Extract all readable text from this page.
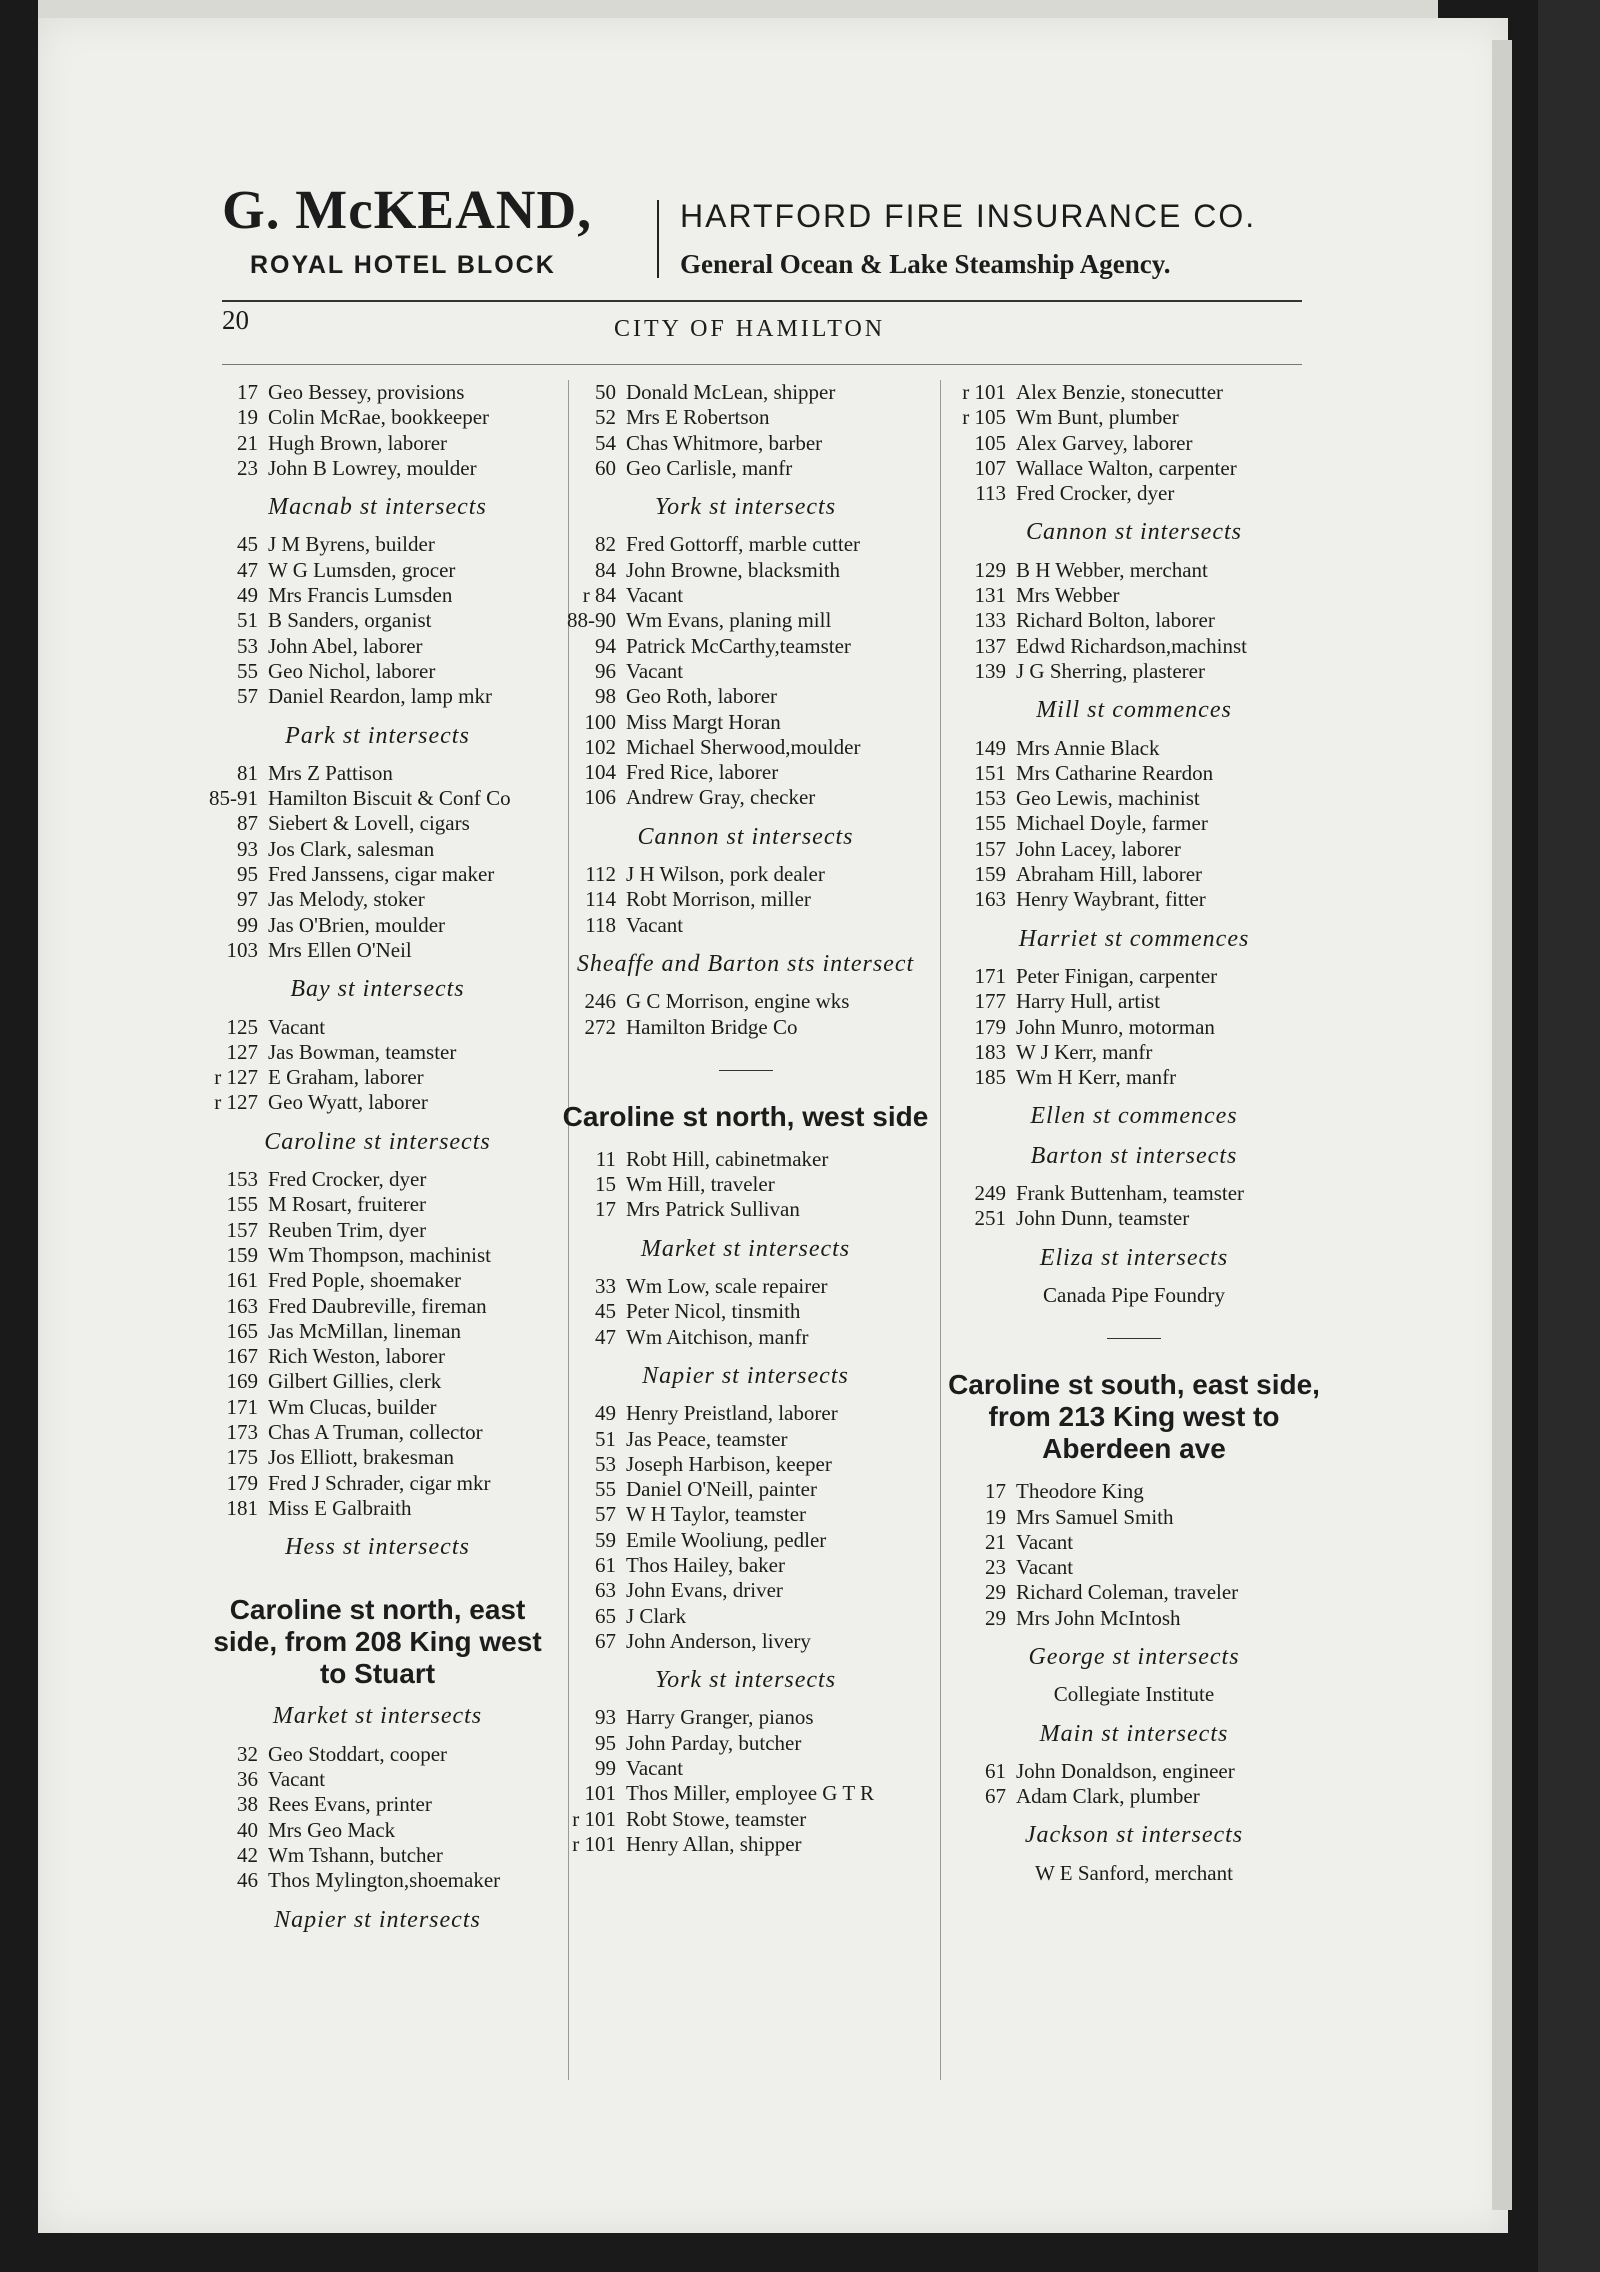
G. McKEAND,
ROYAL HOTEL BLOCK
HARTFORD FIRE INSURANCE CO.
General Ocean & Lake Steamship Agency.
20	CITY OF HAMILTON
17 Geo Bessey, provisions
19 Colin McRae, bookkeeper
21 Hugh Brown, laborer
23 John B Lowrey, moulder
Macnab st intersects
45 J M Byrens, builder
47 W G Lumsden, grocer
49 Mrs Francis Lumsden
51 B Sanders, organist
53 John Abel, laborer
55 Geo Nichol, laborer
57 Daniel Reardon, lamp mkr
Park st intersects
81 Mrs Z Pattison
85-91 Hamilton Biscuit & Conf Co
87 Siebert & Lovell, cigars
93 Jos Clark, salesman
95 Fred Janssens, cigar maker
97 Jas Melody, stoker
99 Jas O'Brien, moulder
103 Mrs Ellen O'Neil
Bay st intersects
125 Vacant
127 Jas Bowman, teamster
r 127 E Graham, laborer
r 127 Geo Wyatt, laborer
Caroline st intersects
153 Fred Crocker, dyer
155 M Rosart, fruiterer
157 Reuben Trim, dyer
159 Wm Thompson, machinist
161 Fred Pople, shoemaker
163 Fred Daubreville, fireman
165 Jas McMillan, lineman
167 Rich Weston, laborer
169 Gilbert Gillies, clerk
171 Wm Clucas, builder
173 Chas A Truman, collector
175 Jos Elliott, brakesman
179 Fred J Schrader, cigar mkr
181 Miss E Galbraith
Hess st intersects
Caroline st north, east side, from 208 King west to Stuart
Market st intersects
32 Geo Stoddart, cooper
36 Vacant
38 Rees Evans, printer
40 Mrs Geo Mack
42 Wm Tshann, butcher
46 Thos Mylington,shoemaker
Napier st intersects
50 Donald McLean, shipper
52 Mrs E Robertson
54 Chas Whitmore, barber
60 Geo Carlisle, manfr
York st intersects
82 Fred Gottorff, marble cutter
84 John Browne, blacksmith
r 84 Vacant
88-90 Wm Evans, planing mill
94 Patrick McCarthy,teamster
96 Vacant
98 Geo Roth, laborer
100 Miss Margt Horan
102 Michael Sherwood,moulder
104 Fred Rice, laborer
106 Andrew Gray, checker
Cannon st intersects
112 J H Wilson, pork dealer
114 Robt Morrison, miller
118 Vacant
Sheaffe and Barton sts intersect
246 G C Morrison, engine wks
272 Hamilton Bridge Co
Caroline st north, west side
11 Robt Hill, cabinetmaker
15 Wm Hill, traveler
17 Mrs Patrick Sullivan
Market st intersects
33 Wm Low, scale repairer
45 Peter Nicol, tinsmith
47 Wm Aitchison, manfr
Napier st intersects
49 Henry Preistland, laborer
51 Jas Peace, teamster
53 Joseph Harbison, keeper
55 Daniel O'Neill, painter
57 W H Taylor, teamster
59 Emile Wooliung, pedler
61 Thos Hailey, baker
63 John Evans, driver
65 J Clark
67 John Anderson, livery
York st intersects
93 Harry Granger, pianos
95 John Parday, butcher
99 Vacant
101 Thos Miller, employee G T R
r 101 Robt Stowe, teamster
r 101 Henry Allan, shipper
r 101 Alex Benzie, stonecutter
r 105 Wm Bunt, plumber
105 Alex Garvey, laborer
107 Wallace Walton, carpenter
113 Fred Crocker, dyer
Cannon st intersects
129 B H Webber, merchant
131 Mrs Webber
133 Richard Bolton, laborer
137 Edwd Richardson,machinst
139 J G Sherring, plasterer
Mill st commences
149 Mrs Annie Black
151 Mrs Catharine Reardon
153 Geo Lewis, machinist
155 Michael Doyle, farmer
157 John Lacey, laborer
159 Abraham Hill, laborer
163 Henry Waybrant, fitter
Harriet st commences
171 Peter Finigan, carpenter
177 Harry Hull, artist
179 John Munro, motorman
183 W J Kerr, manfr
185 Wm H Kerr, manfr
Ellen st commences
Barton st intersects
249 Frank Buttenham, teamster
251 John Dunn, teamster
Eliza st intersects
Canada Pipe Foundry
Caroline st south, east side, from 213 King west to Aberdeen ave
17 Theodore King
19 Mrs Samuel Smith
21 Vacant
23 Vacant
29 Richard Coleman, traveler
29 Mrs John McIntosh
George st intersects
Collegiate Institute
Main st intersects
61 John Donaldson, engineer
67 Adam Clark, plumber
Jackson st intersects
W E Sanford, merchant
